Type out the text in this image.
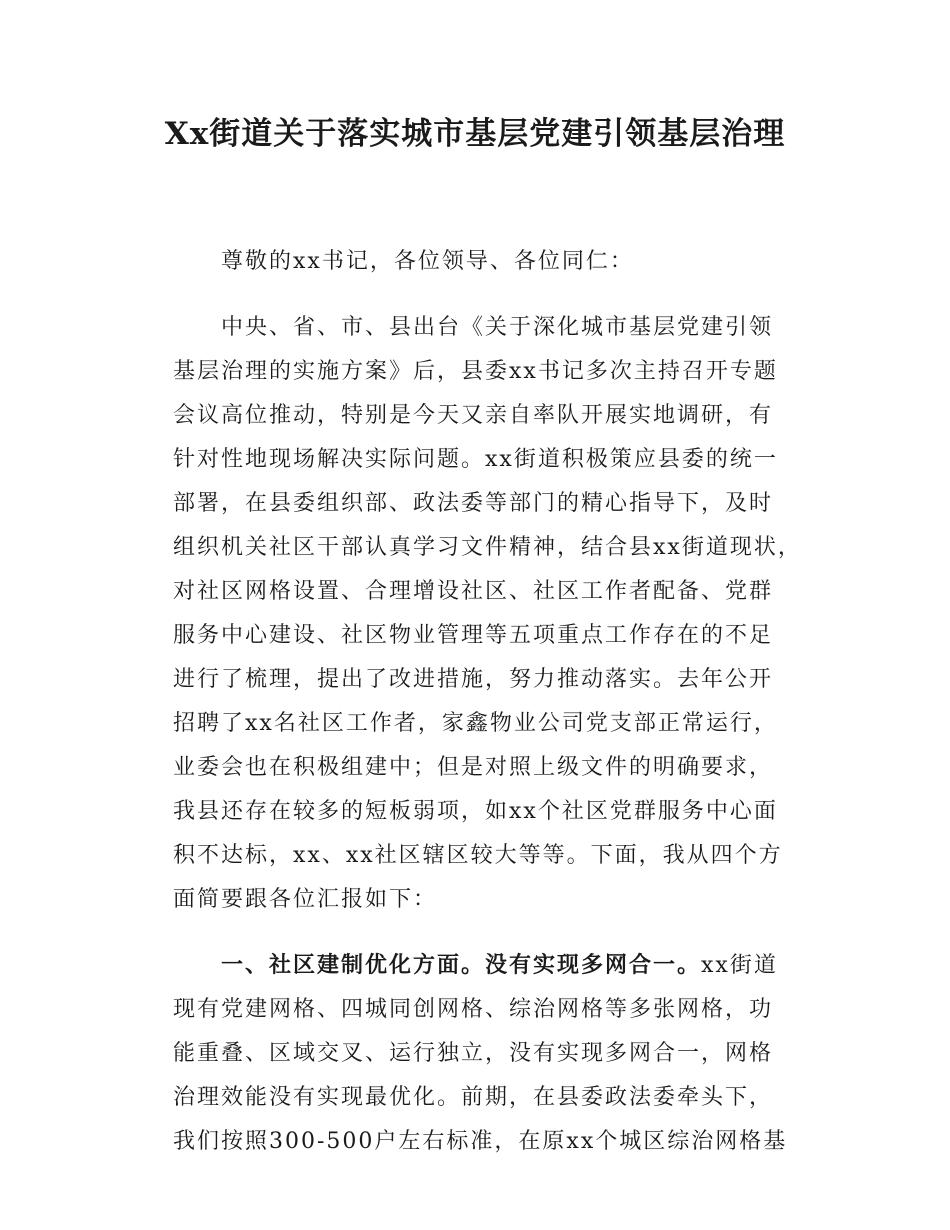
Xx街道关于落实城市基层党建引领基层治理
尊敬的xx书记，各位领导、各位同仁：
中央、省、市、县出台《关于深化城市基层党建引领
基层治理的实施方案》后，县委xx书记多次主持召开专题
会议高位推动，特别是今天又亲自率队开展实地调研，有
针对性地现场解决实际问题。xx街道积极策应县委的统一
部署，在县委组织部、政法委等部门的精心指导下，及时
组织机关社区干部认真学习文件精神，结合县xx街道现状，
对社区网格设置、合理增设社区、社区工作者配备、党群
服务中心建设、社区物业管理等五项重点工作存在的不足
进行了梳理，提出了改进措施，努力推动落实。去年公开
招聘了xx名社区工作者，家鑫物业公司党支部正常运行，
业委会也在积极组建中；但是对照上级文件的明确要求，
我县还存在较多的短板弱项，如xx个社区党群服务中心面
积不达标，xx、xx社区辖区较大等等。下面，我从四个方
面简要跟各位汇报如下：
一、社区建制优化方面。没有实现多网合一。xx街道
现有党建网格、四城同创网格、综治网格等多张网格，功
能重叠、区域交叉、运行独立，没有实现多网合一，网格
治理效能没有实现最优化。前期，在县委政法委牵头下，
我们按照300-500户左右标准，在原xx个城区综治网格基
